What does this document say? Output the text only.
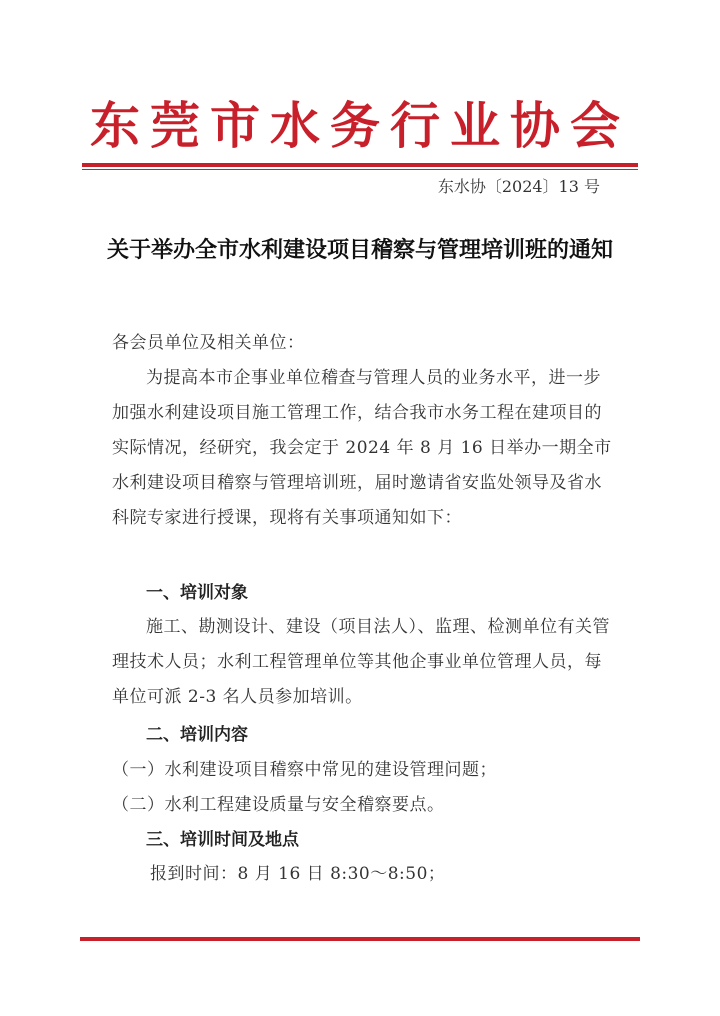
东莞市水务行业协会
东水协〔2024〕13 号
关于举办全市水利建设项目稽察与管理培训班的通知
各会员单位及相关单位：
为提高本市企事业单位稽查与管理人员的业务水平，进一步加强水利建设项目施工管理工作，结合我市水务工程在建项目的实际情况，经研究，我会定于 2024 年 8 月 16 日举办一期全市水利建设项目稽察与管理培训班，届时邀请省安监处领导及省水科院专家进行授课，现将有关事项通知如下：
一、培训对象
施工、勘测设计、建设（项目法人）、监理、检测单位有关管理技术人员；水利工程管理单位等其他企事业单位管理人员，每单位可派 2-3 名人员参加培训。
二、培训内容
（一）水利建设项目稽察中常见的建设管理问题；
（二）水利工程建设质量与安全稽察要点。
三、培训时间及地点
报到时间：8 月 16 日 8:30～8:50；
